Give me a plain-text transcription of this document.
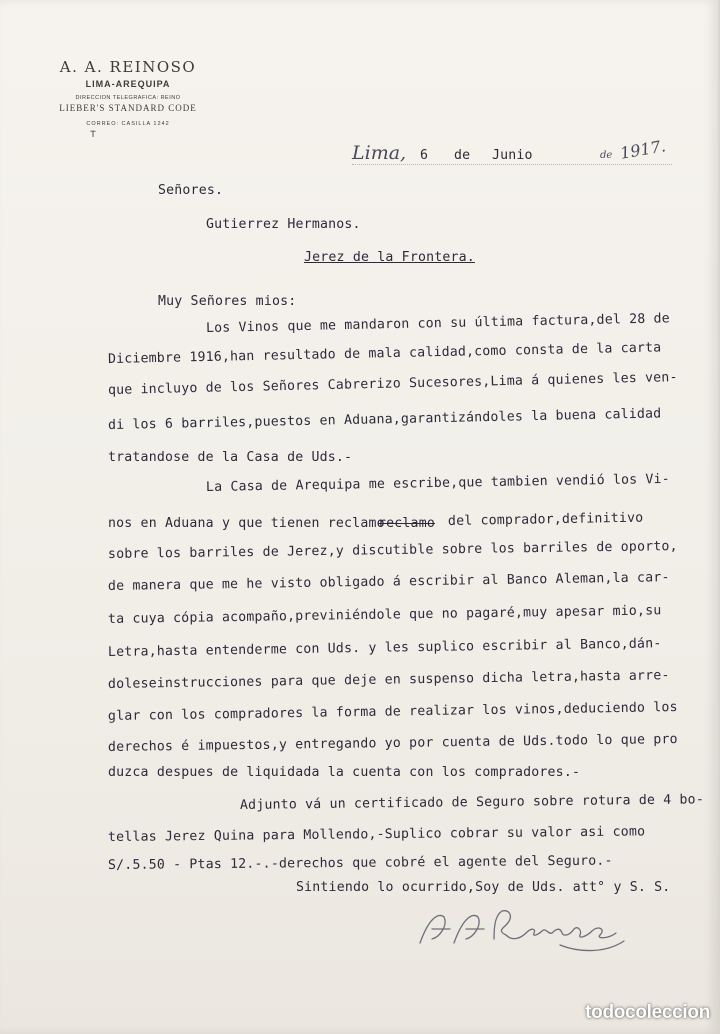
A. A. REINOSO
LIMA-AREQUIPA
DIRECCION TELEGRAFICA: REINO
LIEBER'S STANDARD CODE
CORREO: CASILLA 1242
⊤
Lima, 6 de Junio	de 1917.
Señores.
Gutierrez Hermanos.
Jerez de la Frontera.
Muy Señores mios:
Los Vinos que me mandaron con su última factura,del 28 de
Diciembre 1916,han resultado de mala calidad,como consta de la carta
que incluyo de los Señores Cabrerizo Sucesores,Lima á quienes les ven-
di los 6 barriles,puestos en Aduana,garantizándoles la buena calidad
tratandose de la Casa de Uds.-
La Casa de Arequipa me escribe,que tambien vendió los Vi-
nos en Aduana y que tienen reclamo
reclamo del comprador,definitivo
sobre los barriles de Jerez,y discutible sobre los barriles de oporto,
de manera que me he visto obligado á escribir al Banco Aleman,la car-
ta cuya cópia acompaño,previniéndole que no pagaré,muy apesar mio,su
Letra,hasta entenderme con Uds. y les suplico escribir al Banco,dán-
doleseinstrucciones para que deje en suspenso dicha letra,hasta arre-
glar con los compradores la forma de realizar los vinos,deduciendo los
derechos é impuestos,y entregando yo por cuenta de Uds.todo lo que pro
duzca despues de liquidada la cuenta con los compradores.-
Adjunto vá un certificado de Seguro sobre rotura de 4 bo-
tellas Jerez Quina para Mollendo,-Suplico cobrar su valor asi como
S/.5.50 - Ptas 12.-.-derechos que cobré el agente del Seguro.-
Sintiendo lo ocurrido,Soy de Uds. att° y S. S.
todocoleccion
